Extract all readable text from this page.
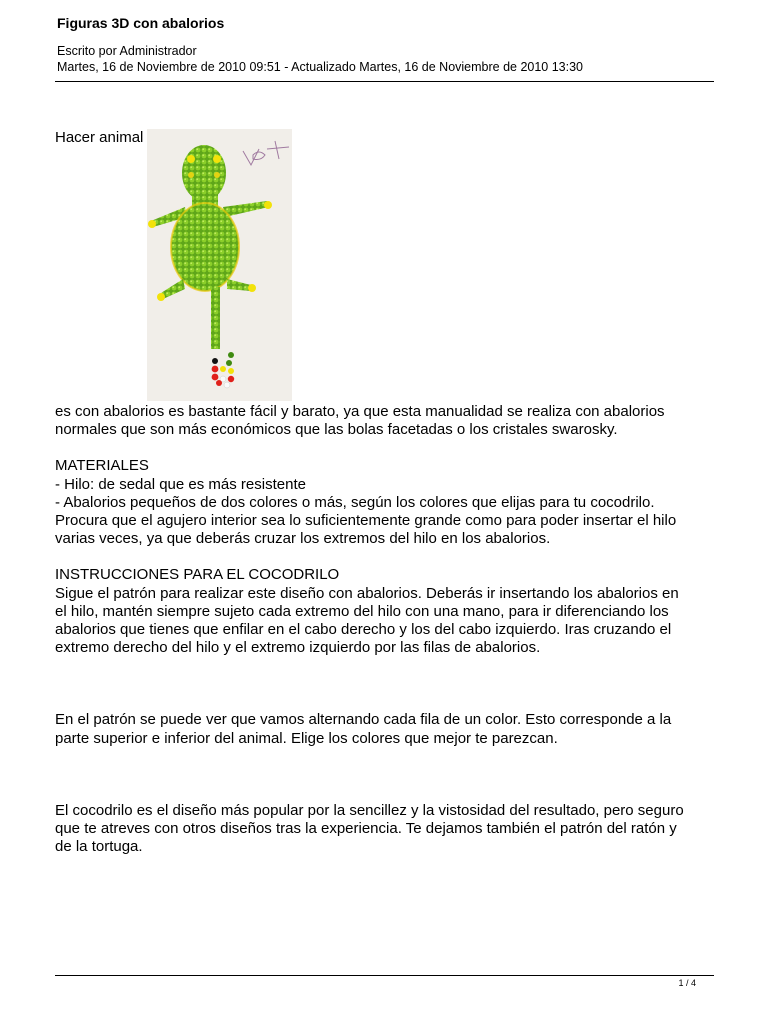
Figuras 3D con abalorios
Escrito por Administrador
Martes, 16 de Noviembre de 2010 09:51 - Actualizado Martes, 16 de Noviembre de 2010 13:30

Hacer animal

es con abalorios es bastante fácil y barato, ya que esta manualidad se realiza con abalorios

normales que son más económicos que las bolas facetadas o los cristales swarosky.

MATERIALES

- Hilo: de sedal que es más resistente

- Abalorios pequeños de dos colores o más, según los colores que elijas para tu cocodrilo.

Procura que el agujero interior sea lo suficientemente grande como para poder insertar el hilo

varias veces, ya que deberás cruzar los extremos del hilo en los abalorios.

INSTRUCCIONES PARA EL COCODRILO

Sigue el patrón para realizar este diseño con abalorios. Deberás ir insertando los abalorios en

el hilo, mantén siempre sujeto cada extremo del hilo con una mano, para ir diferenciando los

abalorios que tienes que enfilar en el cabo derecho y los del cabo izquierdo. Iras cruzando el

extremo derecho del hilo y el extremo izquierdo por las filas de abalorios.

En el patrón se puede ver que vamos alternando cada fila de un color. Esto corresponde a la

parte superior e inferior del animal. Elige los colores que mejor te parezcan.

El cocodrilo es el diseño más popular por la sencillez y la vistosidad del resultado, pero seguro

que te atreves con otros diseños tras la experiencia. Te dejamos también el patrón del ratón y

de la tortuga.

1 / 4
